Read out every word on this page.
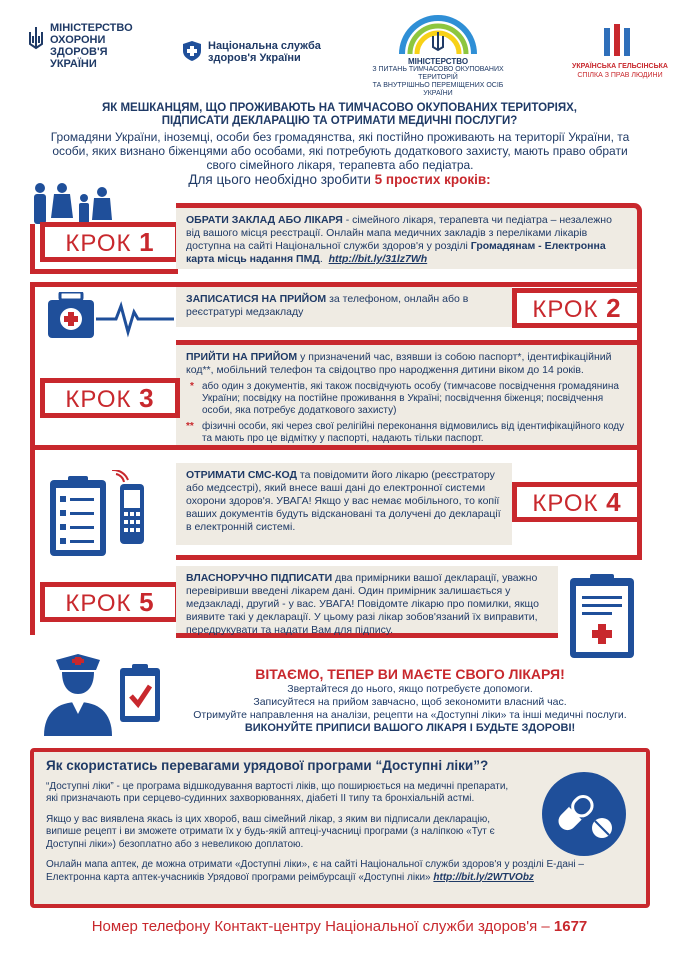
МІНІСТЕРСТВО
ОХОРОНИ
ЗДОРОВ'Я
УКРАЇНИ
Національна служба
здоров'я України	МІНІСТЕРСТВО
З ПИТАНЬ ТИМЧАСОВО ОКУПОВАНИХ ТЕРИТОРІЙ
ТА ВНУТРІШНЬО ПЕРЕМІЩЕНИХ ОСІБ УКРАЇНИ
УКРАЇНСЬКА ГЕЛЬСІНСЬКА
СПІЛКА З ПРАВ ЛЮДИНИ
ЯК МЕШКАНЦЯМ, ЩО ПРОЖИВАЮТЬ НА ТИМЧАСОВО ОКУПОВАНИХ ТЕРИТОРІЯХ,
ПІДПИСАТИ ДЕКЛАРАЦІЮ ТА ОТРИМАТИ МЕДИЧНІ ПОСЛУГИ?
Громадяни України, іноземці, особи без громадянства, які постійно проживають на території України, та особи, яких визнано біженцями або особами, які потребують додаткового захисту, мають право обрати свого сімейного лікаря, терапевта або педіатра.
Для цього необхідно зробити 5 простих кроків:
КРОК 1
ОБРАТИ ЗАКЛАД АБО ЛІКАРЯ - сімейного лікаря, терапевта чи педіатра – незалежно від вашого місця реєстрації. Онлайн мапа медичних закладів з переліками лікарів доступна на сайті Національної служби здоров'я у розділі Громадянам - Електронна карта місць надання ПМД.  http://bit.ly/31lz7Wh
ЗАПИСАТИСЯ НА ПРИЙОМ за телефоном, онлайн або в реєстратурі медзакладу	КРОК 2
ПРИЙТИ НА ПРИЙОМ у призначений час, взявши із собою паспорт*, ідентифікаційний код**, мобільний телефон та свідоцтво про народження дитини віком до 14 років.
* або один з документів, які також посвідчують особу (тимчасове посвідчення громадянина України; посвідку на постійне проживання в Україні; посвідчення біженця; посвідчення особи, яка потребує додаткового захисту)
** фізичні особи, які через свої релігійні переконання відмовились від ідентифікаційного коду та мають про це відмітку у паспорті, надають тільки паспорт.
КРОК 3
ОТРИМАТИ СМС-КОД та повідомити його лікарю (реєстратору або медсестрі), який внесе ваші дані до електронної системи охорони здоров'я. УВАГА! Якщо у вас немає мобільного, то копії ваших документів будуть відскановані та долучені до декларації в електронній системі.
КРОК 4
КРОК 5
ВЛАСНОРУЧНО ПІДПИСАТИ два примірники вашої декларації, уважно перевіривши введені лікарем дані. Один примірник залишається у медзакладі, другий - у вас. УВАГА! Повідомте лікарю про помилки, якщо виявите такі у декларації. У цьому разі лікар зобов'язаний їх виправити, передрукувати та надати Вам для підпису.
ВІТАЄМО, ТЕПЕР ВИ МАЄТЕ СВОГО ЛІКАРЯ!
Звертайтеся до нього, якщо потребуєте допомоги.
Записуйтеся на прийом завчасно, щоб зекономити власний час.
Отримуйте направлення на аналізи, рецепти на «Доступні ліки» та інші медичні послуги.
ВИКОНУЙТЕ ПРИПИСИ ВАШОГО ЛІКАРЯ І БУДЬТЕ ЗДОРОВІ!
Як скористатись перевагами урядової програми “Доступні ліки”?

“Доступні ліки” - це програма відшкодування вартості ліків, що поширюється на медичні препарати, які призначають при серцево-судинних захворюваннях, діабеті ІІ типу та бронхіальній астмі.

Якщо у вас виявлена якась із цих хвороб, ваш сімейний лікар, з яким ви підписали декларацію, випише рецепт і ви зможете отримати їх у будь-якій аптеці-учасниці програми (з наліпкою «Тут є Доступні ліки») безоплатно або з невеликою доплатою.

Онлайн мапа аптек, де можна отримати «Доступні ліки», є на сайті Національної служби здоров'я у розділі Е-дані – Електронна карта аптек-учасників Урядової програми реімбурсації «Доступні ліки» http://bit.ly/2WTVObz

Номер телефону Контакт-центру Національної служби здоров'я – 1677
